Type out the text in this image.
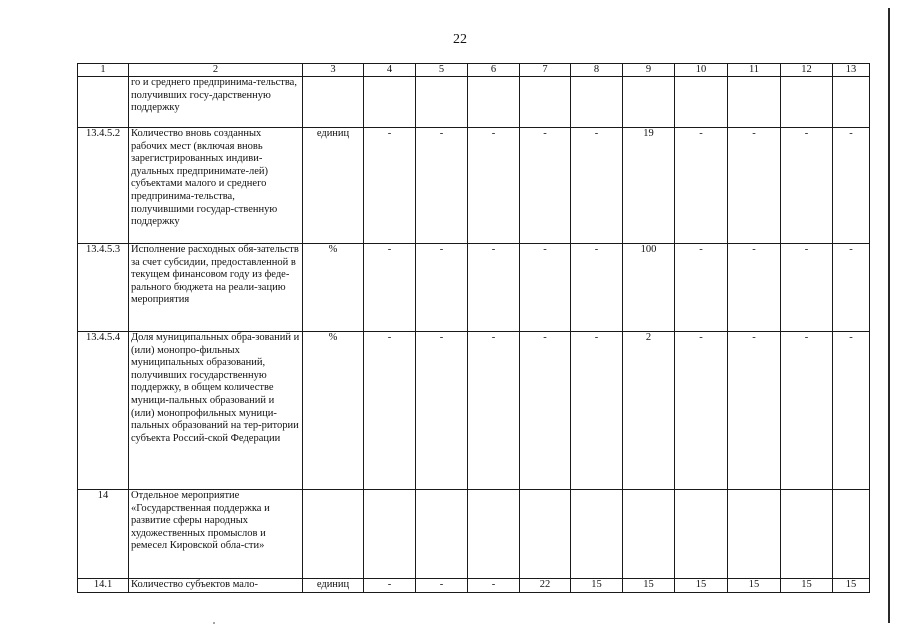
22
1	2	3	4	5	6	7	8	9	10	11	12	13
	го и среднего предпринима-тельства, получивших госу-дарственную поддержку											
13.4.5.2	Количество вновь созданных рабочих мест (включая вновь зарегистрированных индиви-дуальных предпринимате-лей) субъектами малого и среднего предпринима-тельства, получившими государ-ственную поддержку	единиц	-	-	-	-	-	19	-	-	-	-
13.4.5.3	Исполнение расходных обя-зательств за счет субсидии, предоставленной в текущем финансовом году из феде-рального бюджета на реали-зацию мероприятия	%	-	-	-	-	-	100	-	-	-	-
13.4.5.4	Доля муниципальных обра-зований и (или) монопро-фильных муниципальных образований, получивших государственную поддержку, в общем количестве муници-пальных образований и (или) монопрофильных муници-пальных образований на тер-ритории субъекта Россий-ской Федерации	%	-	-	-	-	-	2	-	-	-	-
14	Отдельное мероприятие «Государственная поддержка и развитие сферы народных художественных промыслов и ремесел Кировской обла-сти»											
14.1	Количество субъектов мало-	единиц	-	-	-	22	15	15	15	15	15	15
